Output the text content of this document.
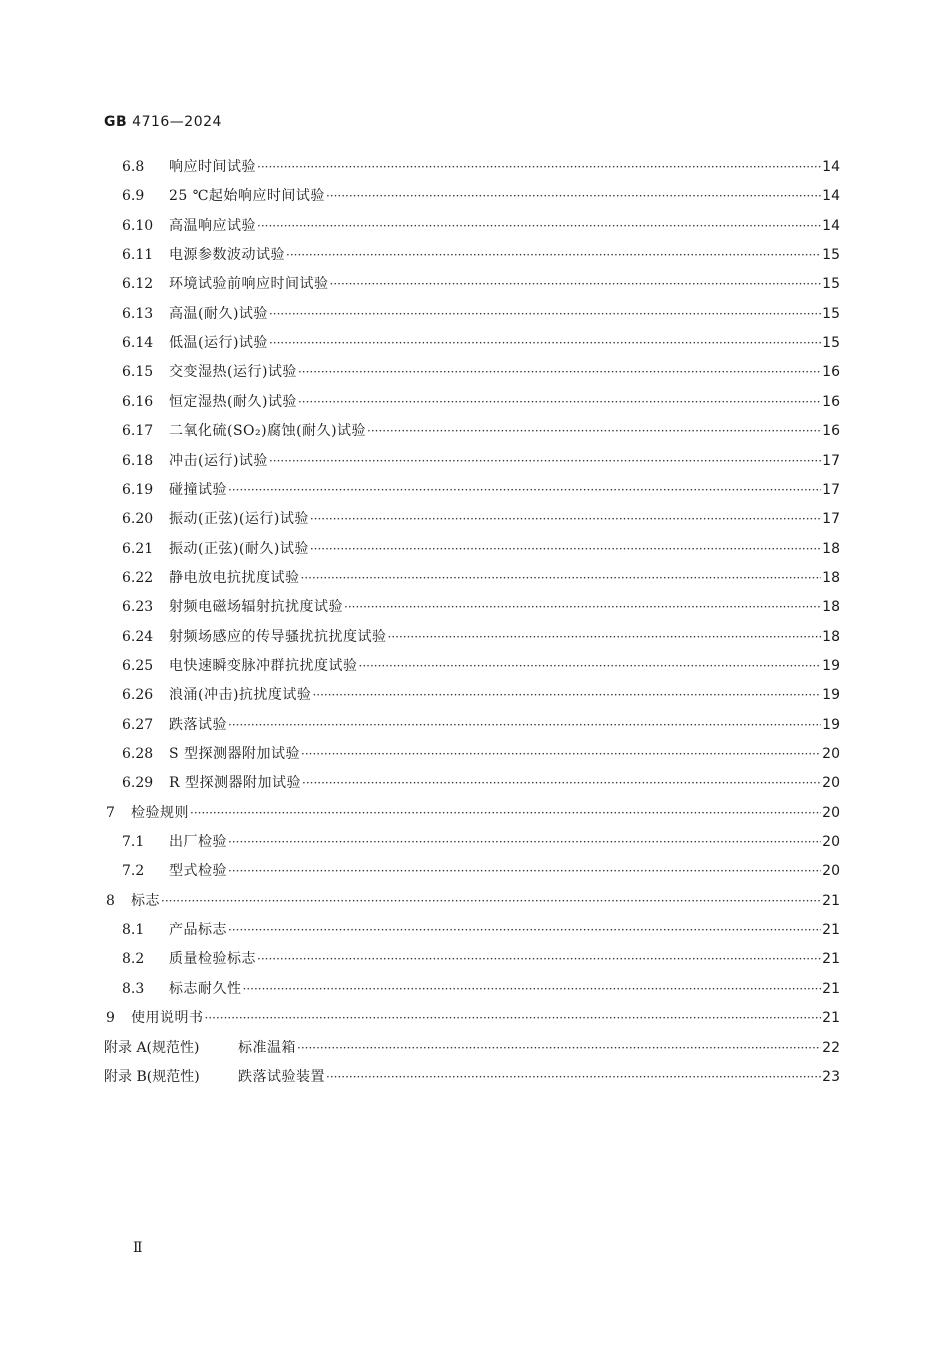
GB 4716—2024
6.8	响应时间试验 ·····	14
6.9	25 ℃起始响应时间试验 ·····	14
6.10	高温响应试验 ·····	14
6.11	电源参数波动试验 ·····	15
6.12	环境试验前响应时间试验 ·····	15
6.13	高温(耐久)试验 ·····	15
6.14	低温(运行)试验 ·····	15
6.15	交变湿热(运行)试验 ·····	16
6.16	恒定湿热(耐久)试验 ·····	16
6.17	二氧化硫(SO₂)腐蚀(耐久)试验 ·····	16
6.18	冲击(运行)试验 ·····	17
6.19	碰撞试验 ·····	17
6.20	振动(正弦)(运行)试验 ·····	17
6.21	振动(正弦)(耐久)试验 ·····	18
6.22	静电放电抗扰度试验 ·····	18
6.23	射频电磁场辐射抗扰度试验 ·····	18
6.24	射频场感应的传导骚扰抗扰度试验 ·····	18
6.25	电快速瞬变脉冲群抗扰度试验 ·····	19
6.26	浪涌(冲击)抗扰度试验 ·····	19
6.27	跌落试验 ·····	19
6.28	S 型探测器附加试验 ·····	20
6.29	R 型探测器附加试验 ·····	20
7	检验规则 ·····	20
7.1	出厂检验 ·····	20
7.2	型式检验 ·····	20
8	标志 ·····	21
8.1	产品标志 ·····	21
8.2	质量检验标志 ·····	21
8.3	标志耐久性 ·····	21
9	使用说明书 ·····	21
附录 A(规范性)	标准温箱 ·····	22
附录 B(规范性)	跌落试验装置 ·····	23
Ⅱ
